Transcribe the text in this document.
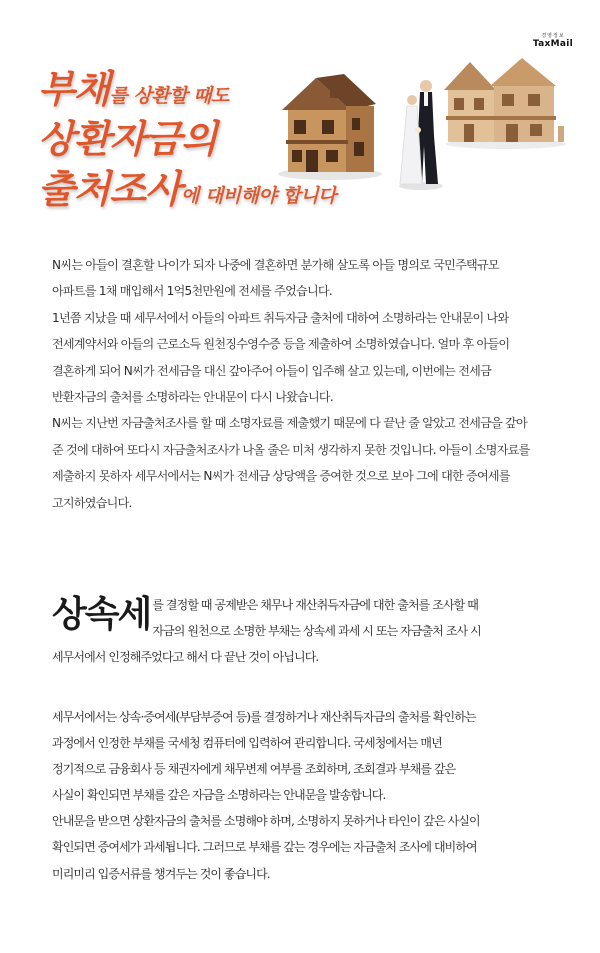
경영정보
TaxMail
부채를 상환할 때도
상환자금의
출처조사에 대비해야 합니다

N씨는 아들이 결혼할 나이가 되자 나중에 결혼하면 분가해 살도록 아들 명의로 국민주택규모

아파트를 1채 매입해서 1억5천만원에 전세를 주었습니다.

1년쯤 지났을 때 세무서에서 아들의 아파트 취득자금 출처에 대하여 소명하라는 안내문이 나와

전세계약서와 아들의 근로소득 원천징수영수증 등을 제출하여 소명하였습니다. 얼마 후 아들이

결혼하게 되어 N씨가 전세금을 대신 갚아주어 아들이 입주해 살고 있는데, 이번에는 전세금

반환자금의 출처를 소명하라는 안내문이 다시 나왔습니다.

N씨는 지난번 자금출처조사를 할 때 소명자료를 제출했기 때문에 다 끝난 줄 알았고 전세금을 갚아

준 것에 대하여 또다시 자금출처조사가 나올 줄은 미처 생각하지 못한 것입니다. 아들이 소명자료를

제출하지 못하자 세무서에서는 N씨가 전세금 상당액을 증여한 것으로 보아 그에 대한 증여세를

고지하였습니다.

상속세 를 결정할 때 공제받은 채무나 재산취득자금에 대한 출처를 조사할 때

자금의 원천으로 소명한 부채는 상속세 과세 시 또는 자금출처 조사 시

세무서에서 인정해주었다고 해서 다 끝난 것이 아닙니다.

세무서에서는 상속·증여세(부담부증여 등)를 결정하거나 재산취득자금의 출처를 확인하는

과정에서 인정한 부채를 국세청 컴퓨터에 입력하여 관리합니다. 국세청에서는 매년

정기적으로 금융회사 등 채권자에게 채무변제 여부를 조회하며, 조회결과 부채를 갚은

사실이 확인되면 부채를 갚은 자금을 소명하라는 안내문을 발송합니다.

안내문을 받으면 상환자금의 출처를 소명해야 하며, 소명하지 못하거나 타인이 갚은 사실이

확인되면 증여세가 과세됩니다. 그러므로 부채를 갚는 경우에는 자금출처 조사에 대비하여

미리미리 입증서류를 챙겨두는 것이 좋습니다.
